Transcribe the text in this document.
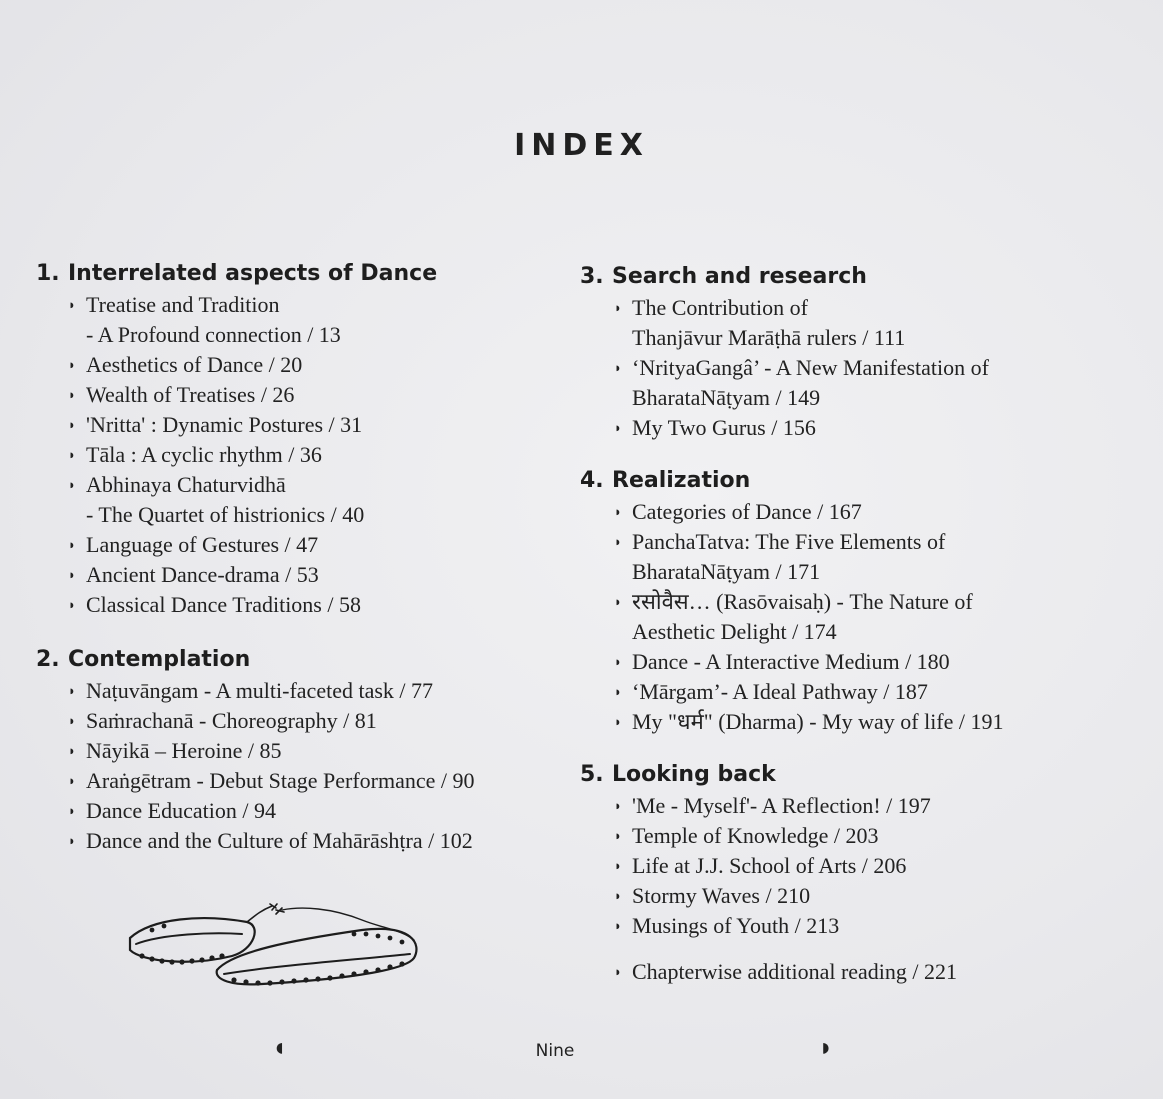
INDEX
1. Interrelated aspects of Dance
◗ Treatise and Tradition
- A Profound connection / 13
◗ Aesthetics of Dance / 20
◗ Wealth of Treatises / 26
◗ 'Nritta' : Dynamic Postures / 31
◗ Tāla : A cyclic rhythm / 36
◗ Abhinaya Chaturvidhā
- The Quartet of histrionics / 40
◗ Language of Gestures / 47
◗ Ancient Dance-drama / 53
◗ Classical Dance Traditions / 58
2. Contemplation
◗ Naṭuvāngam - A multi-faceted task / 77
◗ Saṁrachanā - Choreography / 81
◗ Nāyikā – Heroine / 85
◗ Araṅgētram - Debut Stage Performance / 90
◗ Dance Education / 94
◗ Dance and the Culture of Mahārāshṭra / 102
3. Search and research
◗ The Contribution of
Thanjāvur Marāṭhā rulers / 111
◗ ‘NrityaGangâ’ - A New Manifestation of
BharataNāṭyam / 149
◗ My Two Gurus / 156
4. Realization
◗ Categories of Dance / 167
◗ PanchaTatva: The Five Elements of
BharataNāṭyam / 171
◗ रसोवैस… (Rasōvaisaḥ) - The Nature of
Aesthetic Delight / 174
◗ Dance - A Interactive Medium / 180
◗ ‘Mārgam’- A Ideal Pathway / 187
◗ My "धर्म" (Dharma) - My way of life / 191
5. Looking back
◗ 'Me - Myself'- A Reflection! / 197
◗ Temple of Knowledge / 203
◗ Life at J.J. School of Arts / 206
◗ Stormy Waves / 210
◗ Musings of Youth / 213
◗ Chapterwise additional reading / 221
◖	Nine	◗
